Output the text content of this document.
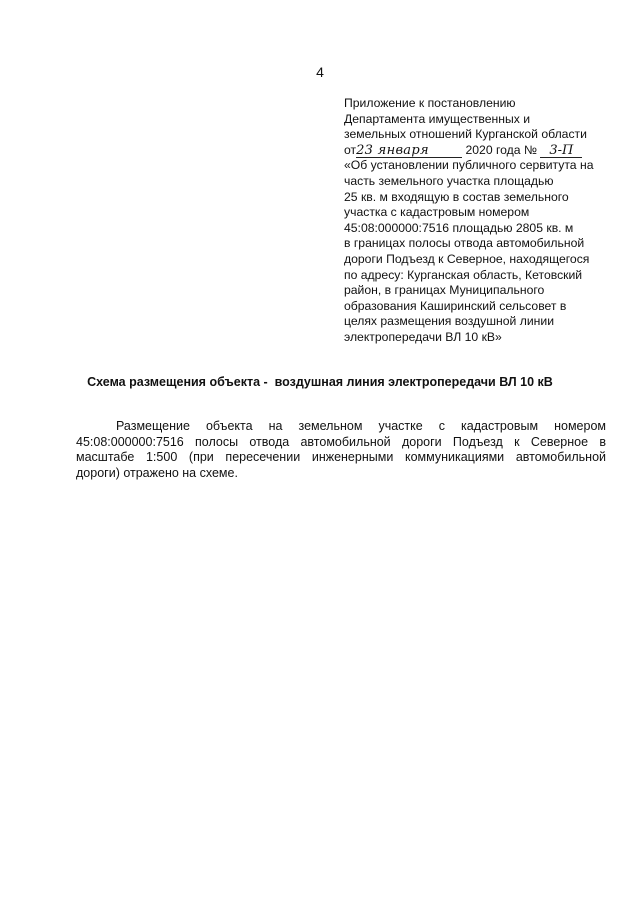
4
Приложение к постановлению
Департамента имущественных и
земельных отношений Курганской области
от23 января	2020 года № 3-П
«Об установлении публичного сервитута на
часть земельного участка площадью
25 кв. м входящую в состав земельного
участка с кадастровым номером
45:08:000000:7516 площадью 2805 кв. м
в границах полосы отвода автомобильной
дороги Подъезд к Северное, находящегося
по адресу: Курганская область, Кетовский
район, в границах Муниципального
образования Каширинский сельсовет в
целях размещения воздушной линии
электропередачи ВЛ 10 кВ»
Схема размещения объекта -  воздушная линия электропередачи ВЛ 10 кВ
Размещение объекта на земельном участке с кадастровым номером
45:08:000000:7516 полосы отвода автомобильной дороги Подъезд к Северное в
масштабе 1:500 (при пересечении инженерными коммуникациями автомобильной
дороги) отражено на схеме.
